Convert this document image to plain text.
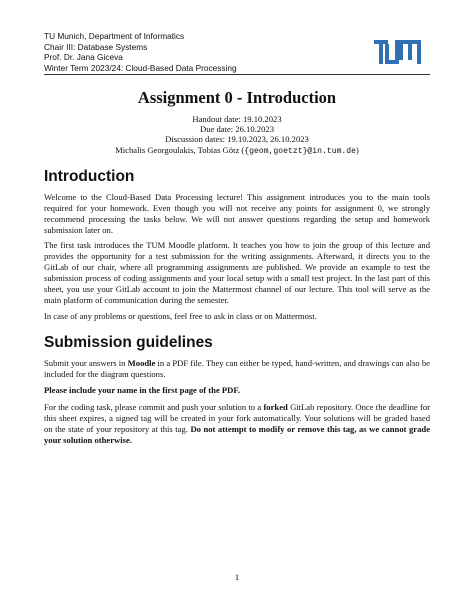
TU Munich, Department of Informatics
Chair III: Database Systems
Prof. Dr. Jana Giceva
Winter Term 2023/24: Cloud-Based Data Processing
Assignment 0 - Introduction
Handout date: 19.10.2023
Due date: 26.10.2023
Discussion dates: 19.10.2023, 26.10.2023
Michalis Georgoulakis, Tobias Götz ({geom,goetzt}@in.tum.de)
Introduction
Welcome to the Cloud-Based Data Processing lecture! This assignment introduces you to the main tools required for your homework. Even though you will not receive any points for assignment 0, we strongly recommend processing the tasks below. We will not answer questions regarding the setup and homework submission later on.
The first task introduces the TUM Moodle platform. It teaches you how to join the group of this lecture and provides the opportunity for a test submission for the writing assignments. Afterward, it directs you to the GitLab of our chair, where all programming assignments are published. We provide an example to test the submission process of coding assignments and your local setup with a small test project. In the last part of this sheet, you use your GitLab account to join the Mattermost channel of our lecture. This tool will serve as the main platform of communication during the semester.
In case of any problems or questions, feel free to ask in class or on Mattermost.
Submission guidelines
Submit your answers in Moodle in a PDF file. They can either be typed, hand-written, and drawings can also be included for the diagram questions.
Please include your name in the first page of the PDF.
For the coding task, please commit and push your solution to a forked GitLab repository. Once the deadline for this sheet expires, a signed tag will be created in your fork automatically. Your solutions will be graded based on the state of your repository at this tag. Do not attempt to modify or remove this tag, as we cannot grade your solution otherwise.
1
